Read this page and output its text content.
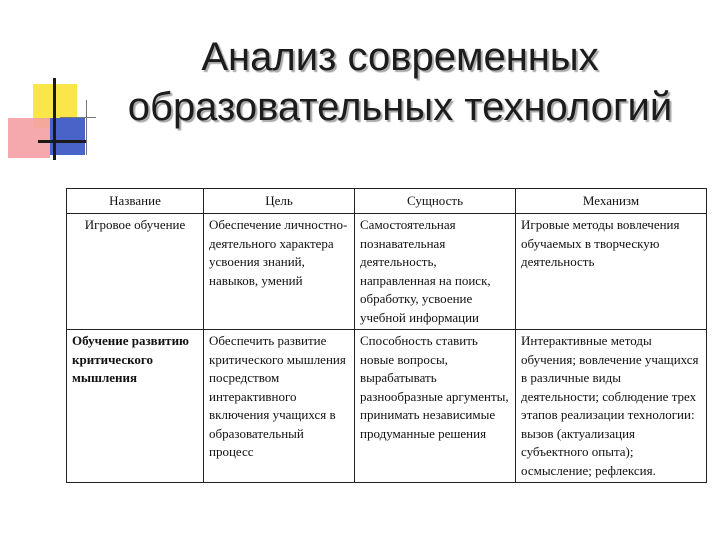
Анализ современных
образовательных технологий
Название	Цель	Сущность	Механизм
Игровое обучение	Обеспечение личностно-деятельного характера усвоения знаний, навыков, умений	Самостоятельная познавательная деятельность, направленная на поиск, обработку, усвоение учебной информации	Игровые методы вовлечения обучаемых в творческую деятельность
Обучение развитию критического мышления	Обеспечить развитие критического мышления посредством интерактивного включения учащихся в образовательный процесс	Способность ставить новые вопросы, вырабатывать разнообразные аргументы, принимать независимые продуманные решения	Интерактивные методы обучения; вовлечение учащихся в различные виды деятельности; соблюдение трех этапов реализации технологии: вызов (актуализация субъектного опыта); осмысление; рефлексия.
